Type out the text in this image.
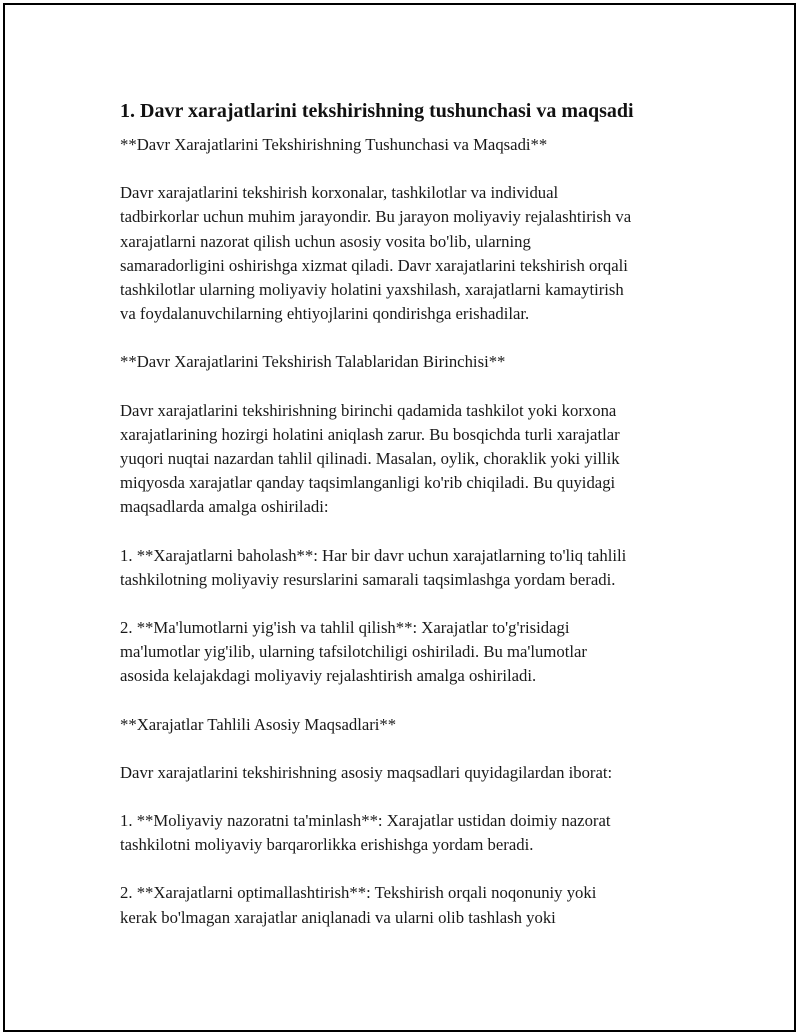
1. Davr xarajatlarini tekshirishning tushunchasi va maqsadi

**Davr Xarajatlarini Tekshirishning Tushunchasi va Maqsadi**

Davr xarajatlarini tekshirish korxonalar, tashkilotlar va individual
tadbirkorlar uchun muhim jarayondir. Bu jarayon moliyaviy rejalashtirish va
xarajatlarni nazorat qilish uchun asosiy vosita bo'lib, ularning
samaradorligini oshirishga xizmat qiladi. Davr xarajatlarini tekshirish orqali
tashkilotlar ularning moliyaviy holatini yaxshilash, xarajatlarni kamaytirish
va foydalanuvchilarning ehtiyojlarini qondirishga erishadilar.

**Davr Xarajatlarini Tekshirish Talablaridan Birinchisi**

Davr xarajatlarini tekshirishning birinchi qadamida tashkilot yoki korxona
xarajatlarining hozirgi holatini aniqlash zarur. Bu bosqichda turli xarajatlar
yuqori nuqtai nazardan tahlil qilinadi. Masalan, oylik, choraklik yoki yillik
miqyosda xarajatlar qanday taqsimlanganligi ko'rib chiqiladi. Bu quyidagi
maqsadlarda amalga oshiriladi:

1. **Xarajatlarni baholash**: Har bir davr uchun xarajatlarning to'liq tahlili
tashkilotning moliyaviy resurslarini samarali taqsimlashga yordam beradi.

2. **Ma'lumotlarni yig'ish va tahlil qilish**: Xarajatlar to'g'risidagi
ma'lumotlar yig'ilib, ularning tafsilotchiligi oshiriladi. Bu ma'lumotlar
asosida kelajakdagi moliyaviy rejalashtirish amalga oshiriladi.

**Xarajatlar Tahlili Asosiy Maqsadlari**

Davr xarajatlarini tekshirishning asosiy maqsadlari quyidagilardan iborat:

1. **Moliyaviy nazoratni ta'minlash**: Xarajatlar ustidan doimiy nazorat
tashkilotni moliyaviy barqarorlikka erishishga yordam beradi.

2. **Xarajatlarni optimallashtirish**: Tekshirish orqali noqonuniy yoki
kerak bo'lmagan xarajatlar aniqlanadi va ularni olib tashlash yoki
